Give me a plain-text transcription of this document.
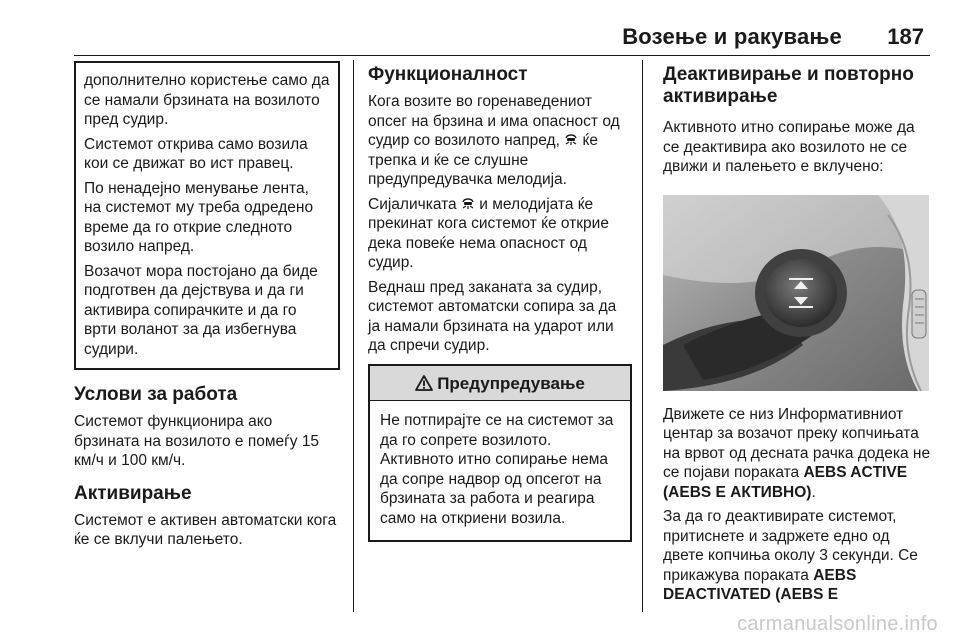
Возење и ракување 187

дополнително користење само да се намали брзината на возилото пред судир.

Системот открива само возила кои се движат во ист правец.

По ненадејно менување лента, на системот му треба одредено време да го открие следното возило напред.

Возачот мора постојано да биде подготвен да дејствува и да ги активира сопирачките и да го врти воланот за да избегнува судири.

Услови за работа

Системот функционира ако брзината на возилото е помеѓу 15 км/ч и 100 км/ч.

Активирање

Системот е активен автоматски кога ќе се вклучи палењето.

Функционалност

Кога возите во горенаведениот опсег на брзина и има опасност од судир со возилото напред, ќе трепка и ќе се слушне предупредувачка мелодија.

Сијаличката и мелодијата ќе прекинат кога системот ќе открие дека повеќе нема опасност од судир.

Веднаш пред заканата за судир, системот автоматски сопира за да ја намали брзината на ударот или да спречи судир.

Предупредување

Не потпирајте се на системот за да го сопрете возилото. Активното итно сопирање нема да сопре надвор од опсегот на брзината за работа и реагира само на откриени возила.

Деактивирање и повторно активирање

Активното итно сопирање може да се деактивира ако возилото не се движи и палењето е вклучено:

Движете се низ Информативниот центар за возачот преку копчињата на врвот од десната рачка додека не се појави пораката AEBS ACTIVE (AEBS Е АКТИВНО).

За да го деактивирате системот, притиснете и задржете едно од двете копчиња околу 3 секунди. Се прикажува пораката AEBS DEACTIVATED (AEBS Е

carmanualsonline.info
